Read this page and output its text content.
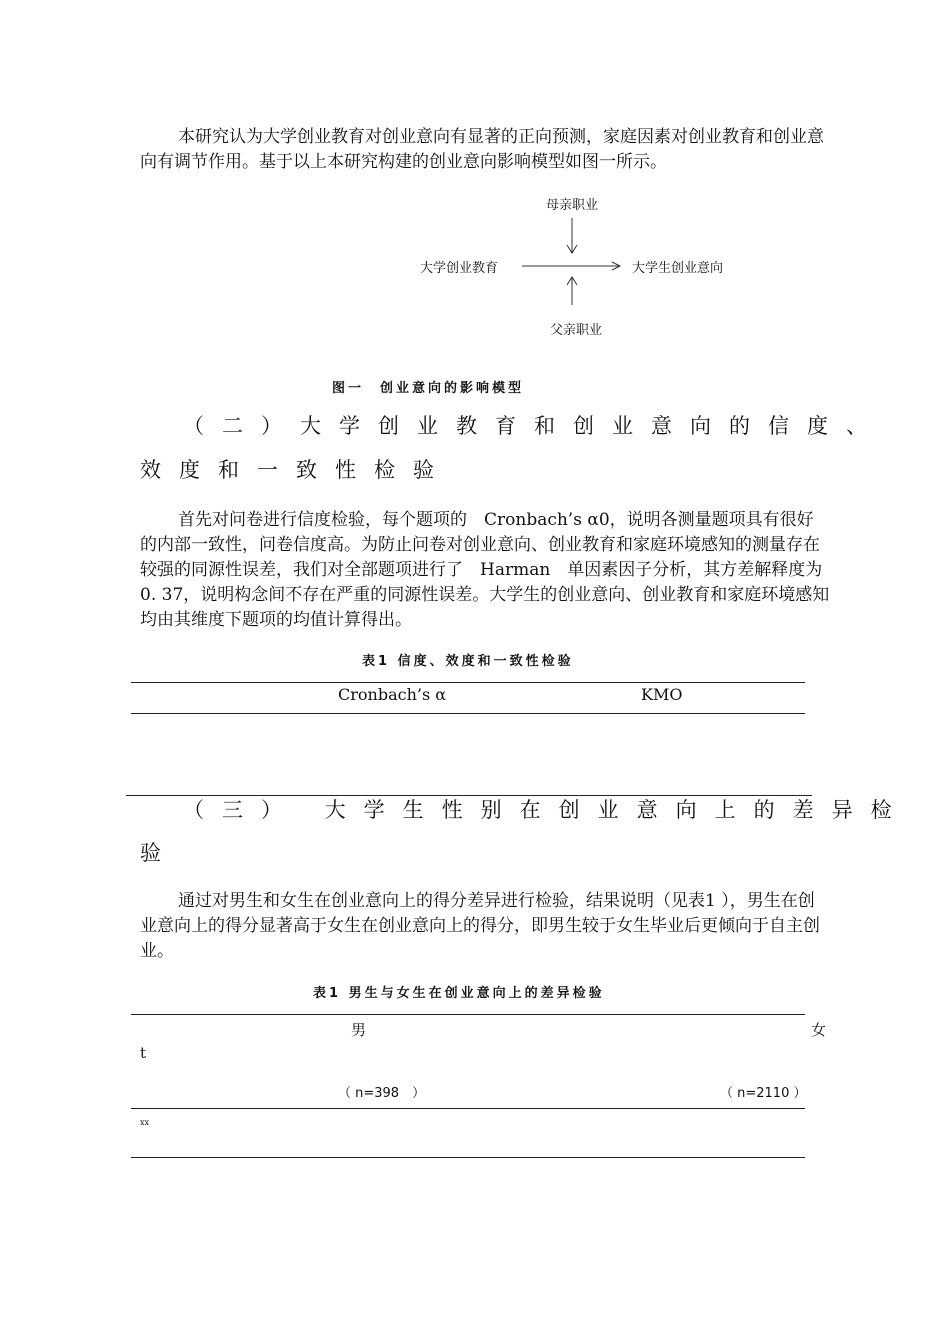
本研究认为大学创业教育对创业意向有显著的正向预测，家庭因素对创业教育和创业意向有调节作用。基于以上本研究构建的创业意向影响模型如图一所示。

母亲职业
大学创业教育	大学生创业意向
父亲职业
图一　创业意向的影响模型
（二）大学创业教育和创业意向的信度、
效度和一致性检验

首先对问卷进行信度检验，每个题项的　Cronbach’s α0，说明各测量题项具有很好的内部一致性，问卷信度高。为防止问卷对创业意向、创业教育和家庭环境感知的测量存在较强的同源性误差，我们对全部题项进行了　Harman　单因素因子分析，其方差解释度为0. 37，说明构念间不存在严重的同源性误差。大学生的创业意向、创业教育和家庭环境感知均由其维度下题项的均值计算得出。

表1 信度、效度和一致性检验
Cronbach’s α	KMO
（三） 大学生性别在创业意向上的差异检
验

通过对男生和女生在创业意向上的得分差异进行检验，结果说明（见表1 ），男生在创业意向上的得分显著高于女生在创业意向上的得分，即男生较于女生毕业后更倾向于自主创业。

表1 男生与女生在创业意向上的差异检验
男	女
t
（ n=398　）	（ n=2110 ）
xx
